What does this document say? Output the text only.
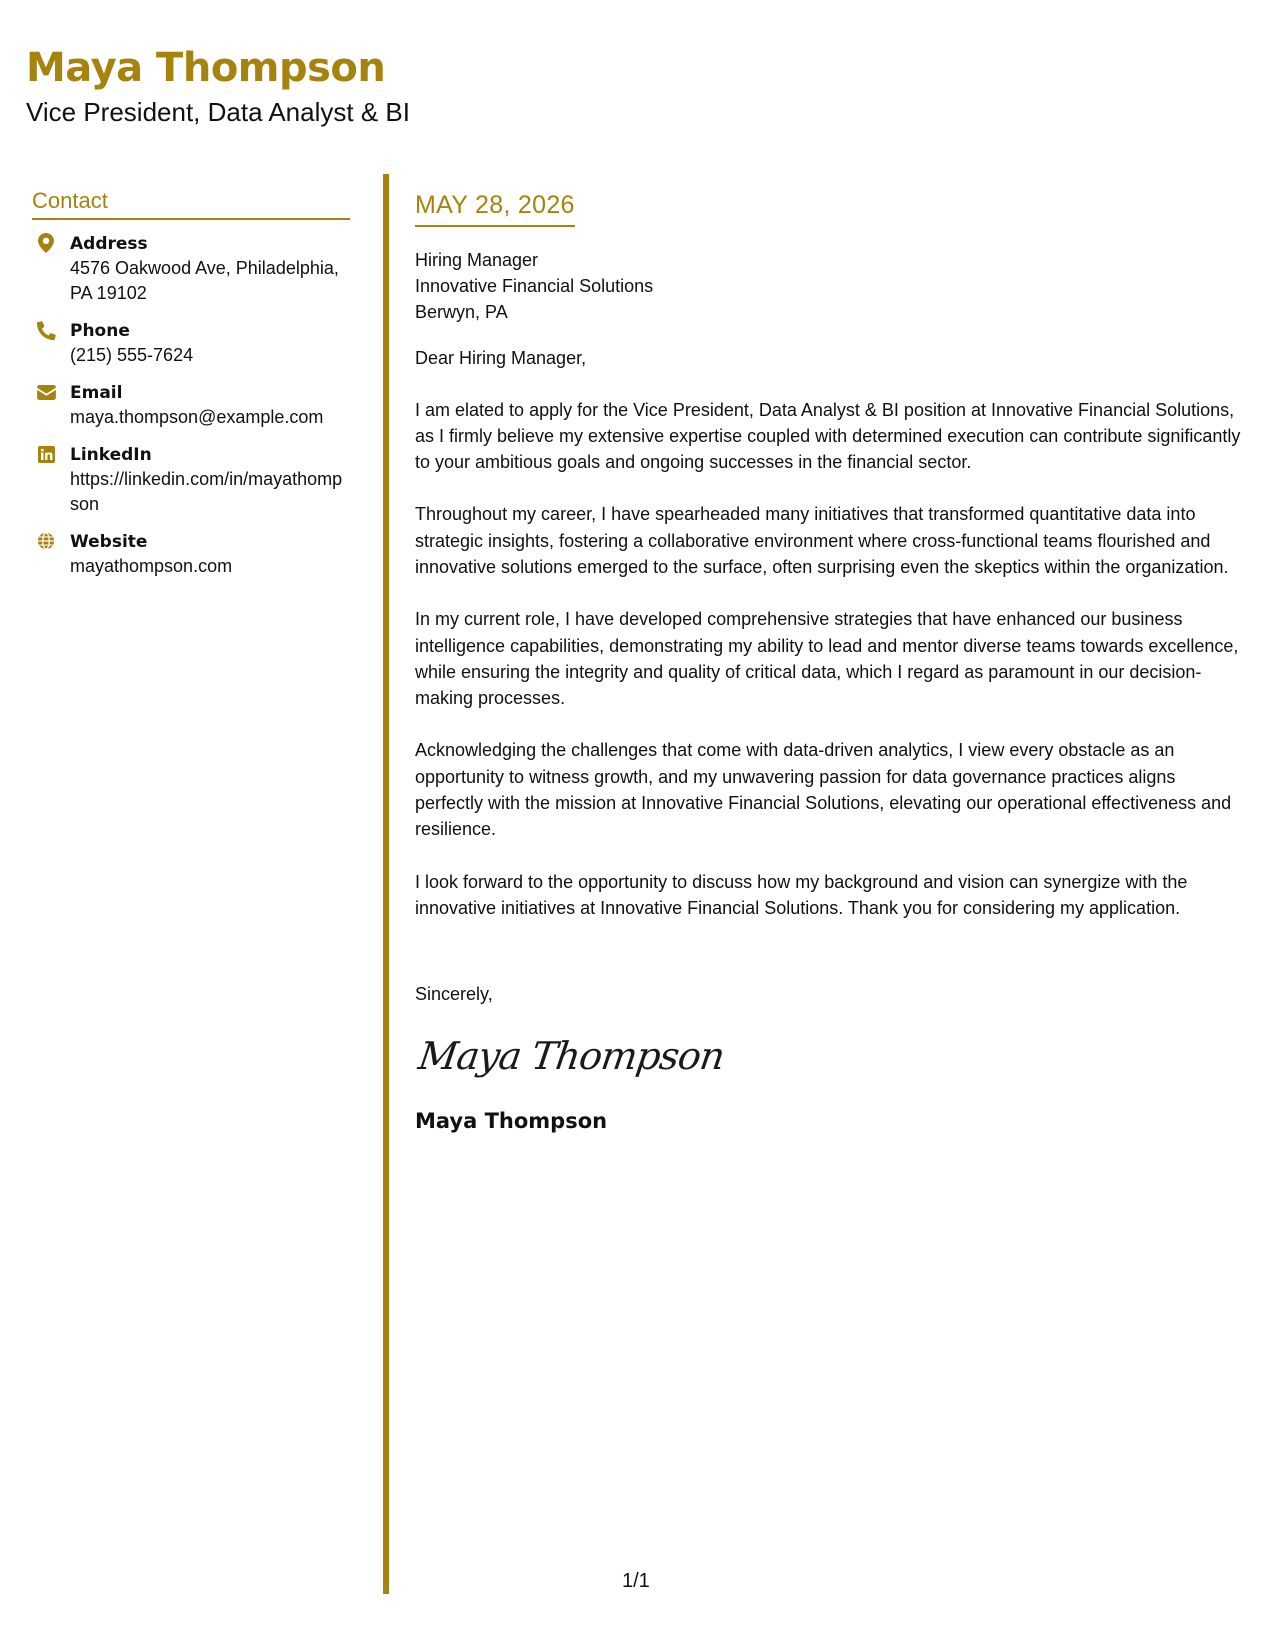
Maya Thompson
Vice President, Data Analyst & BI
Contact
Address
4576 Oakwood Ave, Philadelphia, PA 19102
Phone
(215) 555-7624
Email
maya.thompson@example.com
LinkedIn
https://linkedin.com/in/mayathompson
Website
mayathompson.com
MAY 28, 2026
Hiring Manager
Innovative Financial Solutions
Berwyn, PA
Dear Hiring Manager,

I am elated to apply for the Vice President, Data Analyst & BI position at Innovative Financial Solutions, as I firmly believe my extensive expertise coupled with determined execution can contribute significantly to your ambitious goals and ongoing successes in the financial sector.

Throughout my career, I have spearheaded many initiatives that transformed quantitative data into strategic insights, fostering a collaborative environment where cross-functional teams flourished and innovative solutions emerged to the surface, often surprising even the skeptics within the organization.

In my current role, I have developed comprehensive strategies that have enhanced our business intelligence capabilities, demonstrating my ability to lead and mentor diverse teams towards excellence, while ensuring the integrity and quality of critical data, which I regard as paramount in our decision-making processes.

Acknowledging the challenges that come with data-driven analytics, I view every obstacle as an opportunity to witness growth, and my unwavering passion for data governance practices aligns perfectly with the mission at Innovative Financial Solutions, elevating our operational effectiveness and resilience.

I look forward to the opportunity to discuss how my background and vision can synergize with the innovative initiatives at Innovative Financial Solutions. Thank you for considering my application.

Sincerely,
Maya Thompson
Maya Thompson
1/1
